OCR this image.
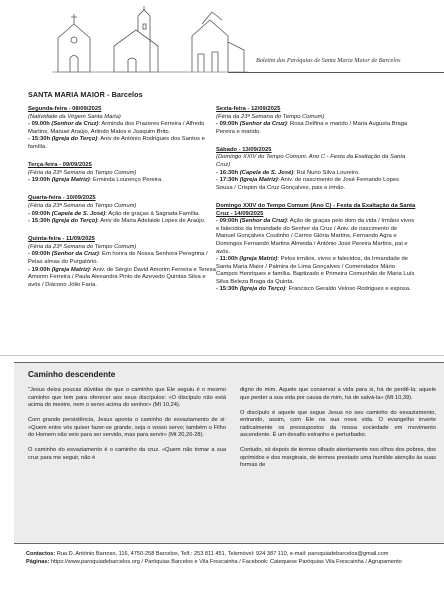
Boletim das Paróquias de Santa Maria Maior de Barcelos
SANTA MARIA MAIOR - Barcelos
Segunda-feira - 08/09/2025
(Natividade da Virgem Santa Maria)
- 09.00h (Senhor da Cruz): Arminda dos Prazeres Ferreira / Alfredo Martins, Manuel Araújo, Arlindo Matos e Joaquim Brito.
- 15:30h (Igreja do Terço): Aniv de António Rodrigues dos Santos e família.
Terça-feira - 09/09/2025
(Féria da 23ª Semana do Tempo Comum)
- 19:00h (Igreja Matriz): Erminda Lourenço Pereira.
Quarta-feira - 10/09/2025
(Féria da 23ª Semana do Tempo Comum)
- 09:00h (Capela de S. José): Ação de graças à Sagrada Família.
- 15:30h (Igreja do Terço): Aniv de Maria Adelaide Lopes de Araújo.
Quinta-feira - 11/09/2025
(Féria da 23ª Semana do Tempo Comum)
- 09:00h (Senhor da Cruz): Em honra de Nossa Senhora Peregrina / Pelas almas do Purgatório.
- 19:00h (Igreja Matriz): Aniv. de Sérgio David Amorim Ferreira e Teresa Amorim Ferreira / Paula Alexandra Pinto de Azevedo Quintas Silva e avós / Diácono Jólio Faria.
Sexta-feira - 12/09/2025
(Féria da 23ª Semana do Tempo Comum)
- 09:00h (Senhor da Cruz): Rosa Delfina e marido / Maria Augusta Braga Pereira e marido.
Sábado - 13/09/2025
(Domingo XXIV do Tempo Comum. Ano C - Festa da Exaltação da Santa Cruz)
- 16:30h (Capela de S. José): Rui Nuno Silva Loureiro.
- 17:30h (Igreja Matriz): Aniv. de nascimento de José Fernando Lopes Sousa / Crispim da Cruz Gonçalves, pais e irmão.
Domingo XXIV do Tempo Comum (Ano C) - Festa da Exaltação da Santa Cruz - 14/09/2025
- 09:00h (Senhor da Cruz): Ação de graças pelo dom da vida / Irmãos vivos e falecidos da Irmandade do Senhor da Cruz / Aniv. de nascimento de Manuel Gonçalves Coutinho / Carmo Glória Martins, Fernando Agra e Domingos Fernando Martins Almeida / António José Pereira Martins, pai e avós.
- 11:00h (Igreja Matriz): Pelos irmãos, vivos e falecidos, da Irmandade de Santa Maria Maior / Palmira de Lima Gonçalves / Comendador Mário Campos Henriques e família. Baptizado e Primeira Comunhão de Maria Luís Silva Beleza Braga da Quinta.
- 15:30h (Igreja do Terço): Francisco Geraldo Veloso Rodrigues e esposa.
Caminho descendente

"Jesus deixa poucas dúvidas de que o caminho que Ele seguiu é o mesmo caminho que tem para oferecer aos seus discípulos: «O discípulo não está acima do mestre, nem o servo acima do senhor» (Mt 10,24).

Com grande persistência, Jesus aponta o caminho do esvaziamento de si: «Quem entre vós quiser fazer-se grande, seja o vosso servo; também o Filho do Homem não veio para ser servido, mas para servir» (Mt 20,26-28).

O caminho do esvaziamento é o caminho da cruz. «Quem não tomar a sua cruz para me seguir, não é

digno de mim. Aquele que conservar a vida para si, há de perdê-la; aquele que perder a sua vida por causa de mim, há de salvá-la» (Mt 10,39).

O discípulo é aquele que segue Jesus no seu caminho do esvaziamento, entrando, assim, com Ele na sua nova vida. O evangelho inverte radicalmente os pressupostos da nossa sociedade em movimento ascendente. É um desafio estranho e perturbador.

Contudo, só depois de termos olhado atentamente nos olhos dos pobres, dos oprimidos e dos marginais, de termos prestado uma humilde atenção às suas formas de

Contactos: Rua D. António Barroso, 116, 4750-258 Barcelos, Telf.: 253 811 451, Telemóvel: 924 387 110, e-mail: paroquiadebarcelos@gmail.com
Páginas: https://www.paroquiadebarcelos.org / Paróquias Barcelos e Vila Frescainha / Facebook: Catequese Paróquias Vila Frescainha / Agrupamento
